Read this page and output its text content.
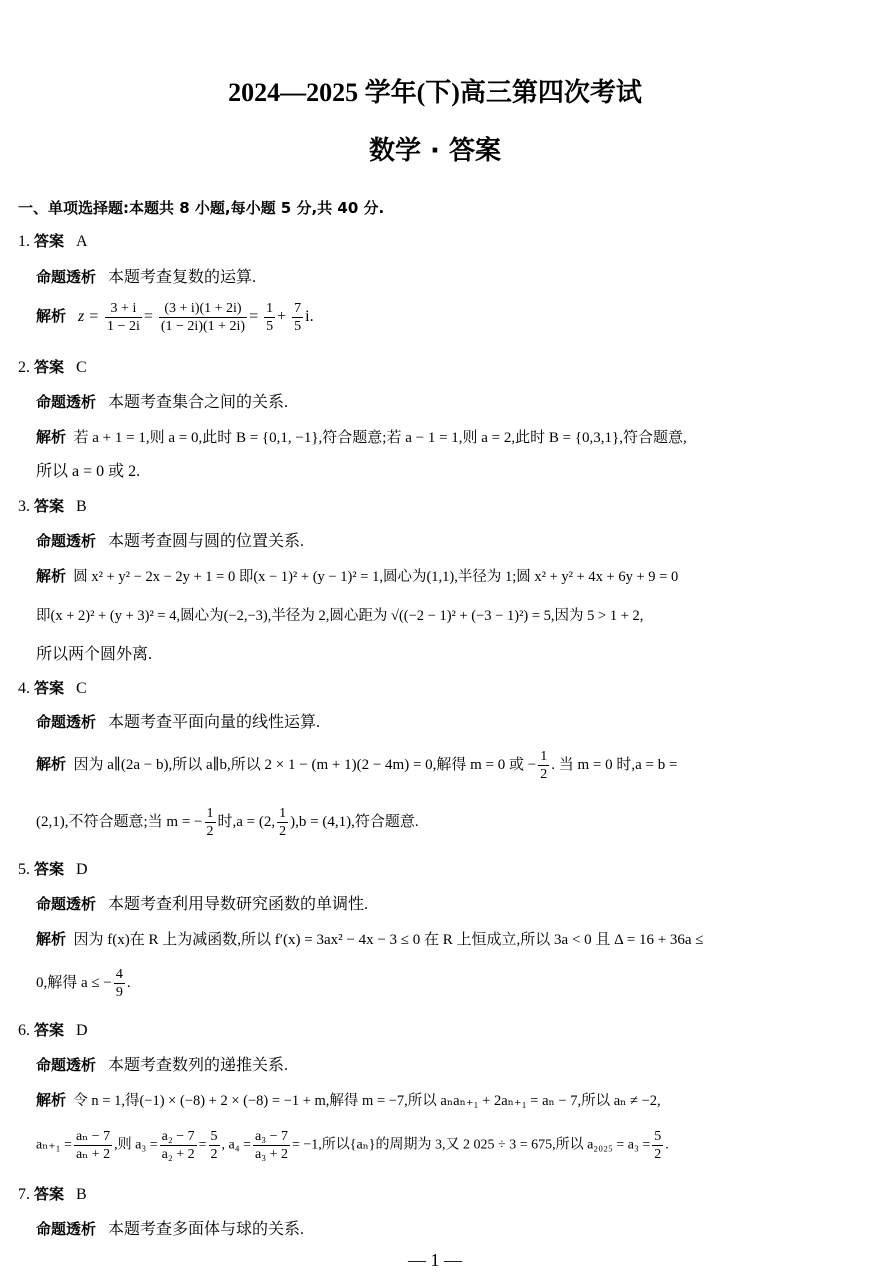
2024—2025 学年(下)高三第四次考试
数学 · 答案
一、单项选择题:本题共 8 小题,每小题 5 分,共 40 分.
1. 答案 A
命题透析 本题考查复数的运算.
解析 $z = \frac{3 + i}{1 - 2i} = \frac{(3 + i)(1 + 2i)}{(1 - 2i)(1 + 2i)} = \frac{1}{5} + \frac{7}{5} i$.
2. 答案 C
命题透析 本题考查集合之间的关系.
解析 若 a + 1 = 1,则 a = 0,此时 B = {0,1, −1},符合题意;若 a − 1 = 1,则 a = 2,此时 B = {0,3,1},符合题意,
所以 a = 0 或 2.
3. 答案 B
命题透析 本题考查圆与圆的位置关系.
解析 圆 x² + y² − 2x − 2y + 1 = 0 即(x − 1)² + (y − 1)² = 1,圆心为(1,1),半径为 1;圆 x² + y² + 4x + 6y + 9 = 0
即(x + 2)² + (y + 3)² = 4,圆心为(−2,−3),半径为 2,圆心距为 √((−2 − 1)² + (−3 − 1)²) = 5,因为 5 > 1 + 2,
所以两个圆外离.
4. 答案 C
命题透析 本题考查平面向量的线性运算.
解析 因为 a∥(2a − b),所以 a∥b,所以 2 × 1 − (m + 1)(2 − 4m) = 0,解得 m = 0 或 − $\frac{1}{2}$ . 当 m = 0 时,a = b =
(2,1),不符合题意;当 m = − $\frac{1}{2}$ 时,a = (2, $\frac{1}{2} ),b = (4,1)$,符合题意.
5. 答案 D
命题透析 本题考查利用导数研究函数的单调性.
解析 因为 f(x)在 R 上为减函数,所以 f′(x) = 3ax² − 4x − 3 ≤ 0 在 R 上恒成立,所以 3a < 0 且 Δ = 16 + 36a ≤
0,解得 a ≤ − $\frac{4}{9}$ .
6. 答案 D
命题透析 本题考查数列的递推关系.
解析 令 n = 1,得(−1) × (−8) + 2 × (−8) = −1 + m,解得 m = −7,所以 aₙaₙ₊₁ + 2aₙ₊₁ = aₙ − 7,所以 aₙ ≠ −2,
$a_{n+1} = \frac{\text{aₙ − 7}}{\text{aₙ + 2}}$ ,则 $a_3 = \frac{\text{a₂ − 7}}{\text{a₂ + 2}} = \frac{5}{2}$ , $a_4 = \frac{\text{a₃ − 7}}{\text{a₃ + 2}} = -1$,所以{aₙ}的周期为 3,又 2 025 ÷ 3 = 675,所以 $a_{2025} = a_3 = \frac{5}{2}$ .
7. 答案 B
命题透析 本题考查多面体与球的关系.
— 1 —
